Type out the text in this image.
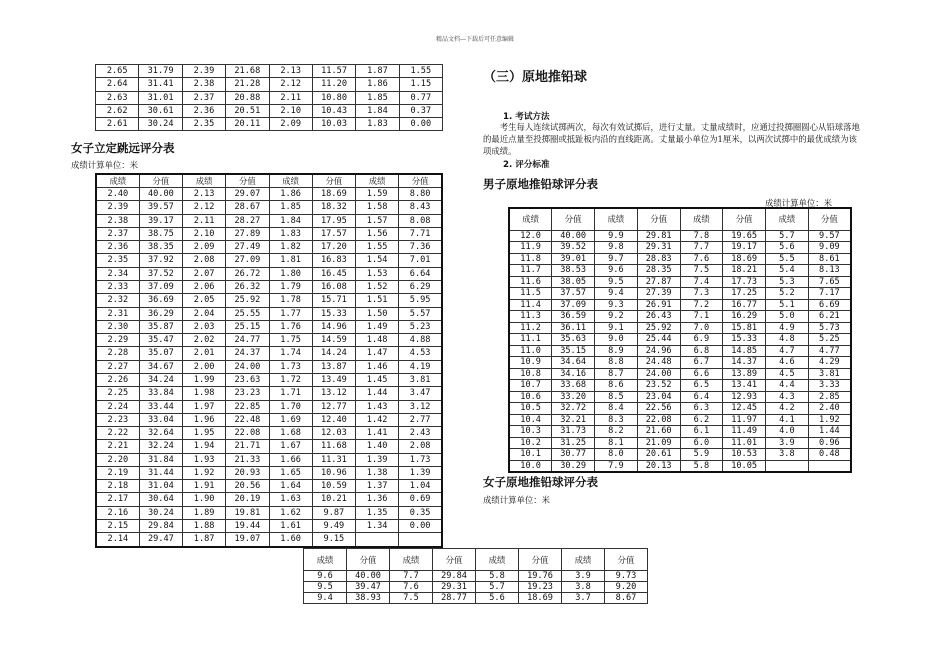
精品文档---下载后可任意编辑
2.65	31.79	2.39	21.68	2.13	11.57	1.87	1.55
2.64	31.41	2.38	21.28	2.12	11.20	1.86	1.15
2.63	31.01	2.37	20.88	2.11	10.80	1.85	0.77
2.62	30.61	2.36	20.51	2.10	10.43	1.84	0.37
2.61	30.24	2.35	20.11	2.09	10.03	1.83	0.00
女子立定跳远评分表
成绩计算单位：米
成绩	分值	成绩	分值	成绩	分值	成绩	分值
2.40	40.00	2.13	29.07	1.86	18.69	1.59	8.80
2.39	39.57	2.12	28.67	1.85	18.32	1.58	8.43
2.38	39.17	2.11	28.27	1.84	17.95	1.57	8.08
2.37	38.75	2.10	27.89	1.83	17.57	1.56	7.71
2.36	38.35	2.09	27.49	1.82	17.20	1.55	7.36
2.35	37.92	2.08	27.09	1.81	16.83	1.54	7.01
2.34	37.52	2.07	26.72	1.80	16.45	1.53	6.64
2.33	37.09	2.06	26.32	1.79	16.08	1.52	6.29
2.32	36.69	2.05	25.92	1.78	15.71	1.51	5.95
2.31	36.29	2.04	25.55	1.77	15.33	1.50	5.57
2.30	35.87	2.03	25.15	1.76	14.96	1.49	5.23
2.29	35.47	2.02	24.77	1.75	14.59	1.48	4.88
2.28	35.07	2.01	24.37	1.74	14.24	1.47	4.53
2.27	34.67	2.00	24.00	1.73	13.87	1.46	4.19
2.26	34.24	1.99	23.63	1.72	13.49	1.45	3.81
2.25	33.84	1.98	23.23	1.71	13.12	1.44	3.47
2.24	33.44	1.97	22.85	1.70	12.77	1.43	3.12
2.23	33.04	1.96	22.48	1.69	12.40	1.42	2.77
2.22	32.64	1.95	22.08	1.68	12.03	1.41	2.43
2.21	32.24	1.94	21.71	1.67	11.68	1.40	2.08
2.20	31.84	1.93	21.33	1.66	11.31	1.39	1.73
2.19	31.44	1.92	20.93	1.65	10.96	1.38	1.39
2.18	31.04	1.91	20.56	1.64	10.59	1.37	1.04
2.17	30.64	1.90	20.19	1.63	10.21	1.36	0.69
2.16	30.24	1.89	19.81	1.62	9.87	1.35	0.35
2.15	29.84	1.88	19.44	1.61	9.49	1.34	0.00
2.14	29.47	1.87	19.07	1.60	9.15		
（三）原地推铅球
1. 考试方法
考生每人连续试掷两次，每次有效试掷后，进行丈量。丈量成绩时，应通过投掷圈圆心从铅球落地的最近点量至投掷圈或抵趾板内沿的直线距离。丈量最小单位为1厘米，以两次试掷中的最优成绩为该项成绩。
2. 评分标准
男子原地推铅球评分表
成绩计算单位：米
成绩	分值	成绩	分值	成绩	分值	成绩	分值
12.0	40.00	9.9	29.81	7.8	19.65	5.7	9.57
11.9	39.52	9.8	29.31	7.7	19.17	5.6	9.09
11.8	39.01	9.7	28.83	7.6	18.69	5.5	8.61
11.7	38.53	9.6	28.35	7.5	18.21	5.4	8.13
11.6	38.05	9.5	27.87	7.4	17.73	5.3	7.65
11.5	37.57	9.4	27.39	7.3	17.25	5.2	7.17
11.4	37.09	9.3	26.91	7.2	16.77	5.1	6.69
11.3	36.59	9.2	26.43	7.1	16.29	5.0	6.21
11.2	36.11	9.1	25.92	7.0	15.81	4.9	5.73
11.1	35.63	9.0	25.44	6.9	15.33	4.8	5.25
11.0	35.15	8.9	24.96	6.8	14.85	4.7	4.77
10.9	34.64	8.8	24.48	6.7	14.37	4.6	4.29
10.8	34.16	8.7	24.00	6.6	13.89	4.5	3.81
10.7	33.68	8.6	23.52	6.5	13.41	4.4	3.33
10.6	33.20	8.5	23.04	6.4	12.93	4.3	2.85
10.5	32.72	8.4	22.56	6.3	12.45	4.2	2.40
10.4	32.21	8.3	22.08	6.2	11.97	4.1	1.92
10.3	31.73	8.2	21.60	6.1	11.49	4.0	1.44
10.2	31.25	8.1	21.09	6.0	11.01	3.9	0.96
10.1	30.77	8.0	20.61	5.9	10.53	3.8	0.48
10.0	30.29	7.9	20.13	5.8	10.05		
女子原地推铅球评分表
成绩计算单位：米
成绩	分值	成绩	分值	成绩	分值	成绩	分值
9.6	40.00	7.7	29.84	5.8	19.76	3.9	9.73
9.5	39.47	7.6	29.31	5.7	19.23	3.8	9.20
9.4	38.93	7.5	28.77	5.6	18.69	3.7	8.67
